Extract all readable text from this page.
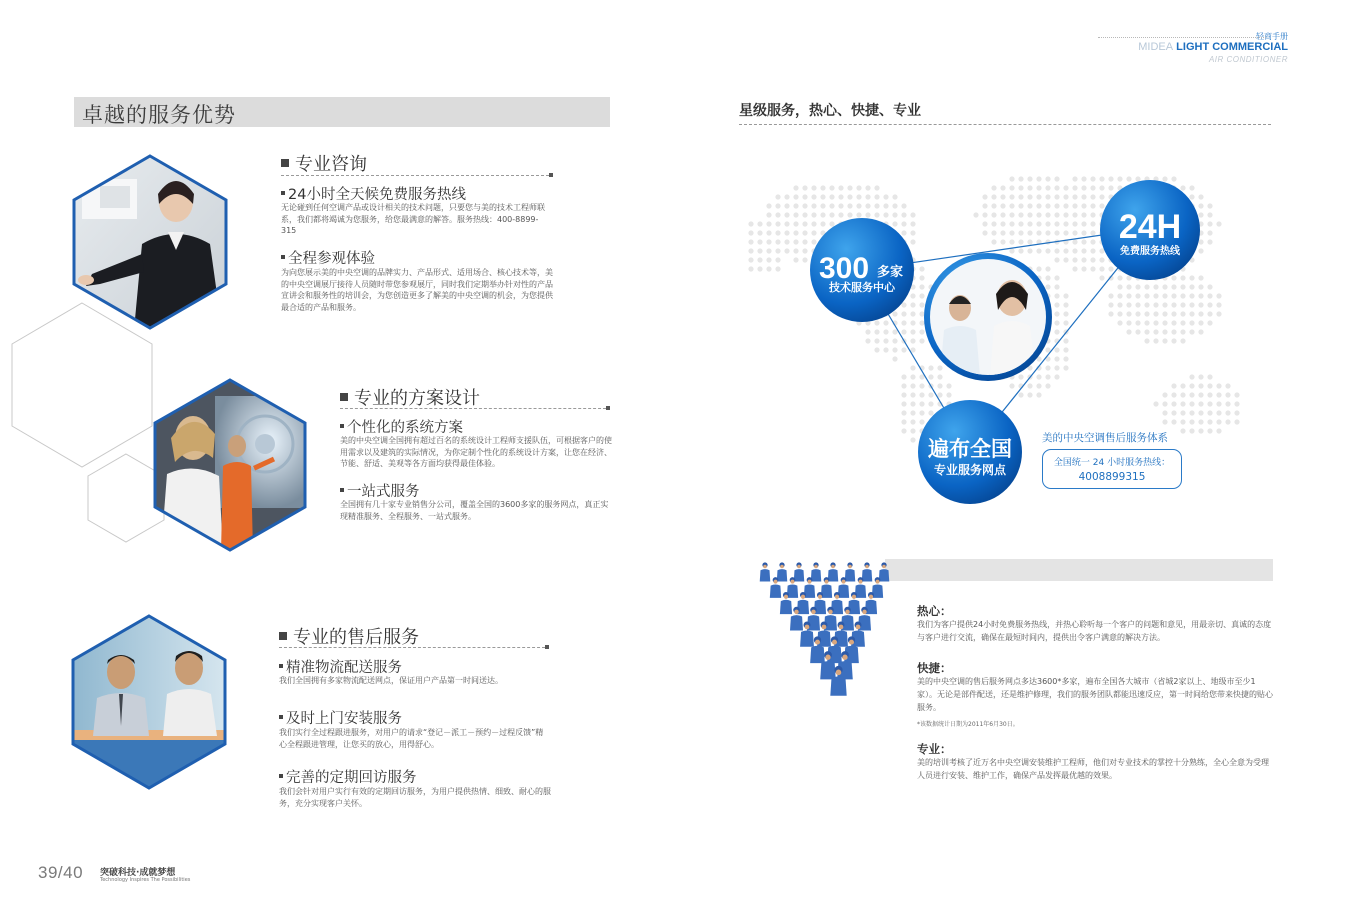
卓越的服务优势
专业咨询
24小时全天候免费服务热线
无论碰到任何空调产品或设计相关的技术问题，只要您与美的技术工程师联系，我们都将竭诚为您服务，给您最满意的解答。服务热线：400-8899-315
全程参观体验
为向您展示美的中央空调的品牌实力、产品形式、适用场合、核心技术等，美的中央空调展厅接待人员随时带您参观展厅，同时我们定期举办针对性的产品宣讲会和服务性的培训会，为您创造更多了解美的中央空调的机会，为您提供最合适的产品和服务。
专业的方案设计
个性化的系统方案
美的中央空调全国拥有超过百名的系统设计工程师支援队伍，可根据客户的使用需求以及建筑的实际情况，为你定制个性化的系统设计方案，让您在经济、节能、舒适、美观等各方面均获得最佳体验。
一站式服务
全国拥有几十家专业销售分公司，覆盖全国的3600多家的服务网点，真正实现精准服务、全程服务、一站式服务。
专业的售后服务
精准物流配送服务
我们全国拥有多家物流配送网点，保证用户产品第一时间送达。
及时上门安装服务
我们实行全过程跟进服务，对用户的请求“登记－派工－预约－过程反馈”精心全程跟进管理，让您买的放心，用得舒心。
完善的定期回访服务
我们会针对用户实行有效的定期回访服务，为用户提供热情、细致、耐心的服务，充分实现客户关怀。
39/40 突破科技·成就梦想
Technology Inspires The Possibilities
轻商手册
MIDEA LIGHT COMMERCIAL
AIR CONDITIONER
星级服务，热心、快捷、专业
300 多家
技术服务中心
24H
免费服务热线
遍布全国
专业服务网点
美的中央空调售后服务体系
全国统一 24 小时服务热线：
4008899315
热心：
我们为客户提供24小时免费服务热线，并热心聆听每一个客户的问题和意见，用最亲切、真诚的态度与客户进行交流，确保在最短时间内，提供出令客户满意的解决方法。
快捷：
美的中央空调的售后服务网点多达3600*多家，遍布全国各大城市（省城2家以上、地级市至少1家）。无论是部件配送，还是维护修理，我们的服务团队都能迅速反应，第一时间给您带来快捷的贴心服务。
*该数据统计日期为2011年6月30日。
专业：
美的培训考核了近万名中央空调安装维护工程师，他们对专业技术的掌控十分熟练，全心全意为受理人员进行安装、维护工作，确保产品发挥最优越的效果。
